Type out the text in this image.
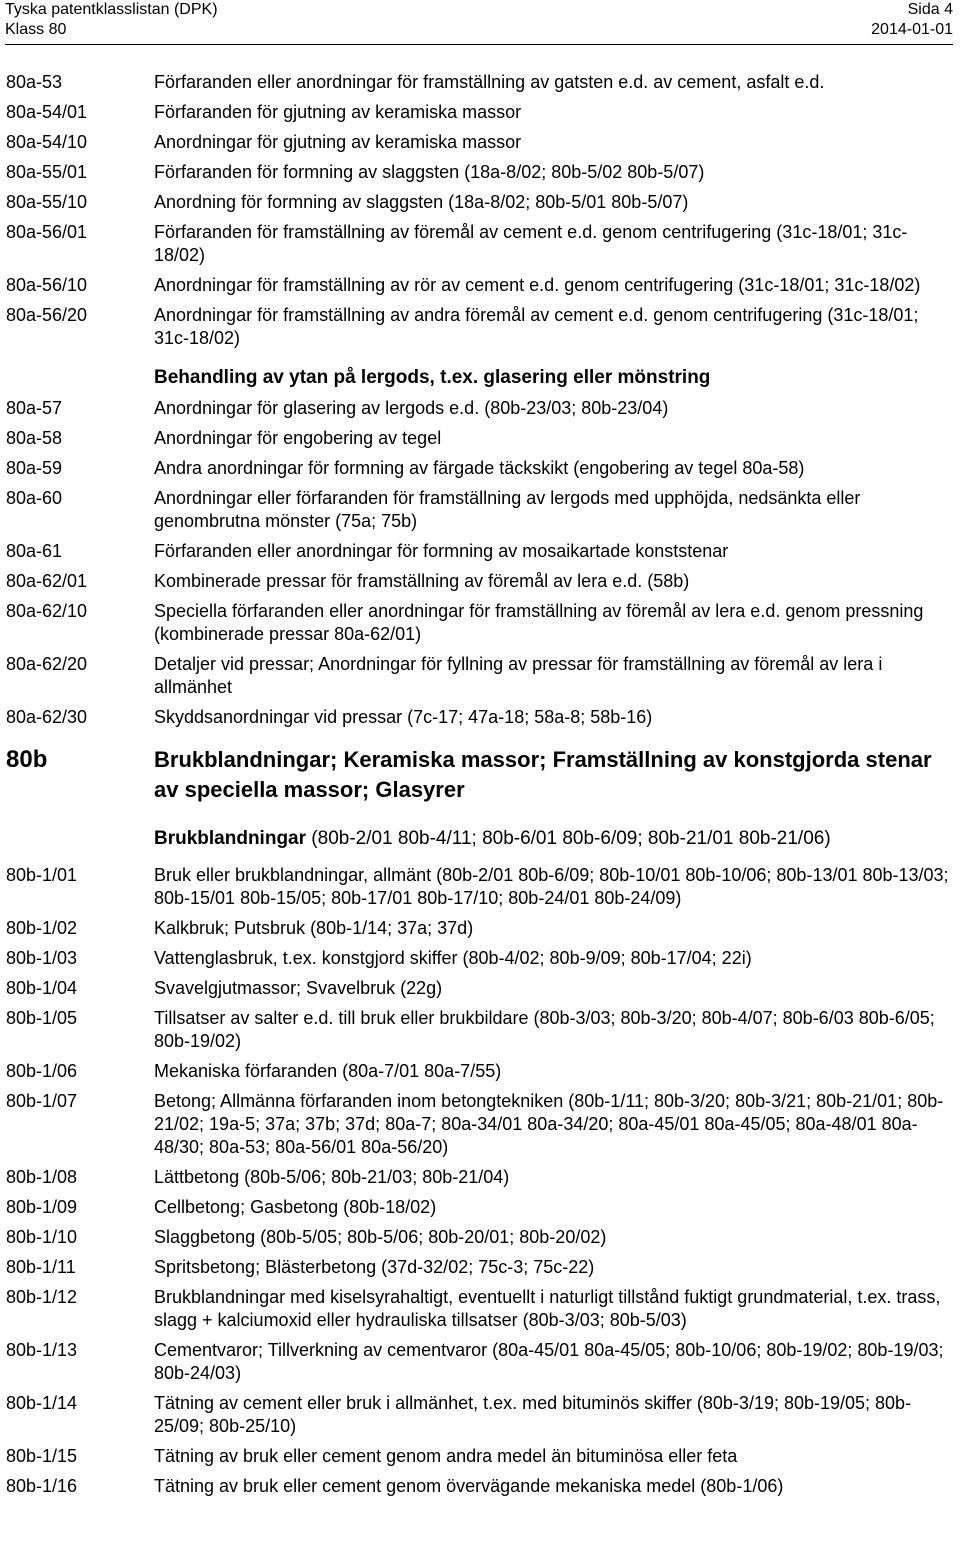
Tyska patentklasslistan (DPK)
Klass 80
Sida 4
2014-01-01
80a-53	Förfaranden eller anordningar för framställning av gatsten e.d. av cement, asfalt e.d.
80a-54/01	Förfaranden för gjutning av keramiska massor
80a-54/10	Anordningar för gjutning av keramiska massor
80a-55/01	Förfaranden för formning av slaggsten (18a-8/02; 80b-5/02 80b-5/07)
80a-55/10	Anordning för formning av slaggsten (18a-8/02; 80b-5/01 80b-5/07)
80a-56/01	Förfaranden för framställning av föremål av cement e.d. genom centrifugering (31c-18/01; 31c-18/02)
80a-56/10	Anordningar för framställning av rör av cement e.d. genom centrifugering (31c-18/01; 31c-18/02)
80a-56/20	Anordningar för framställning av andra föremål av cement e.d. genom centrifugering (31c-18/01; 31c-18/02)
Behandling av ytan på lergods, t.ex. glasering eller mönstring
80a-57	Anordningar för glasering av lergods e.d. (80b-23/03; 80b-23/04)
80a-58	Anordningar för engobering av tegel
80a-59	Andra anordningar för formning av färgade täckskikt (engobering av tegel 80a-58)
80a-60	Anordningar eller förfaranden för framställning av lergods med upphöjda, nedsänkta eller genombrutna mönster (75a; 75b)
80a-61	Förfaranden eller anordningar för formning av mosaikartade konststenar
80a-62/01	Kombinerade pressar för framställning av föremål av lera e.d. (58b)
80a-62/10	Speciella förfaranden eller anordningar för framställning av föremål av lera e.d. genom pressning (kombinerade pressar 80a-62/01)
80a-62/20	Detaljer vid pressar; Anordningar för fyllning av pressar för framställning av föremål av lera i allmänhet
80a-62/30	Skyddsanordningar vid pressar (7c-17; 47a-18; 58a-8; 58b-16)
80b	Brukblandningar; Keramiska massor; Framställning av konstgjorda stenar av speciella massor; Glasyrer
Brukblandningar (80b-2/01 80b-4/11; 80b-6/01 80b-6/09; 80b-21/01 80b-21/06)
80b-1/01	Bruk eller brukblandningar, allmänt (80b-2/01 80b-6/09; 80b-10/01 80b-10/06; 80b-13/01 80b-13/03; 80b-15/01 80b-15/05; 80b-17/01 80b-17/10; 80b-24/01 80b-24/09)
80b-1/02	Kalkbruk; Putsbruk (80b-1/14; 37a; 37d)
80b-1/03	Vattenglasbruk, t.ex. konstgjord skiffer (80b-4/02; 80b-9/09; 80b-17/04; 22i)
80b-1/04	Svavelgjutmassor; Svavelbruk (22g)
80b-1/05	Tillsatser av salter e.d. till bruk eller brukbildare (80b-3/03; 80b-3/20; 80b-4/07; 80b-6/03 80b-6/05; 80b-19/02)
80b-1/06	Mekaniska förfaranden (80a-7/01 80a-7/55)
80b-1/07	Betong; Allmänna förfaranden inom betongtekniken (80b-1/11; 80b-3/20; 80b-3/21; 80b-21/01; 80b-21/02; 19a-5; 37a; 37b; 37d; 80a-7; 80a-34/01 80a-34/20; 80a-45/01 80a-45/05; 80a-48/01 80a-48/30; 80a-53; 80a-56/01 80a-56/20)
80b-1/08	Lättbetong (80b-5/06; 80b-21/03; 80b-21/04)
80b-1/09	Cellbetong; Gasbetong (80b-18/02)
80b-1/10	Slaggbetong (80b-5/05; 80b-5/06; 80b-20/01; 80b-20/02)
80b-1/11	Spritsbetong; Blästerbetong (37d-32/02; 75c-3; 75c-22)
80b-1/12	Brukblandningar med kiselsyrahaltigt, eventuellt i naturligt tillstånd fuktigt grundmaterial, t.ex. trass, slagg + kalciumoxid eller hydrauliska tillsatser (80b-3/03; 80b-5/03)
80b-1/13	Cementvaror; Tillverkning av cementvaror (80a-45/01 80a-45/05; 80b-10/06; 80b-19/02; 80b-19/03; 80b-24/03)
80b-1/14	Tätning av cement eller bruk i allmänhet, t.ex. med bituminös skiffer (80b-3/19; 80b-19/05; 80b-25/09; 80b-25/10)
80b-1/15	Tätning av bruk eller cement genom andra medel än bituminösa eller feta
80b-1/16	Tätning av bruk eller cement genom övervägande mekaniska medel (80b-1/06)
